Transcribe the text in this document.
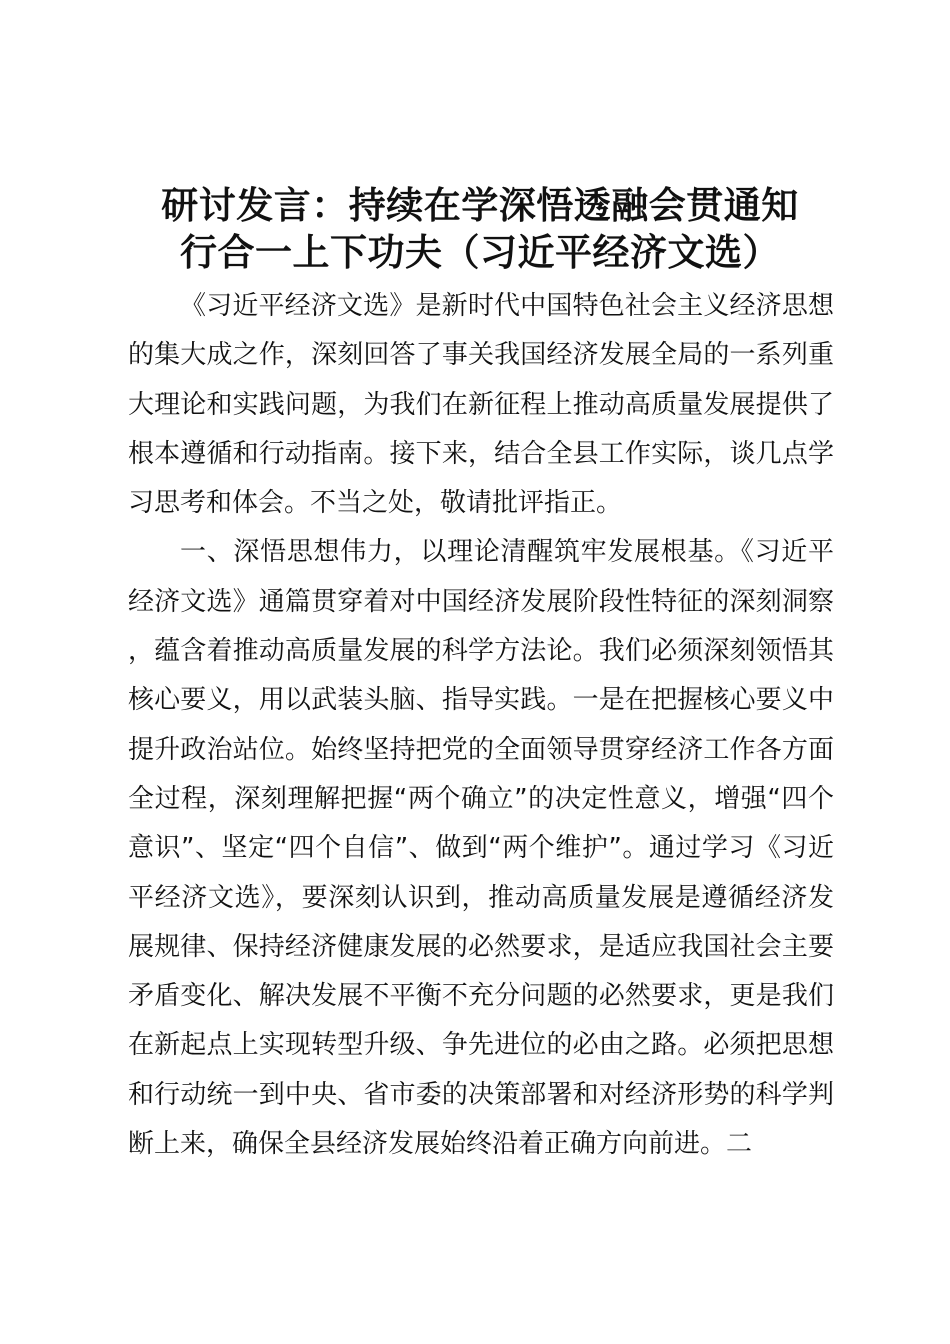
研讨发言：持续在学深悟透融会贯通知
行合一上下功夫（习近平经济文选）

《习近平经济文选》是新时代中国特色社会主义经济思想的集大成之作，深刻回答了事关我国经济发展全局的一系列重大理论和实践问题，为我们在新征程上推动高质量发展提供了根本遵循和行动指南。接下来，结合全县工作实际，谈几点学习思考和体会。不当之处，敬请批评指正。

一、深悟思想伟力，以理论清醒筑牢发展根基。《习近平经济文选》通篇贯穿着对中国经济发展阶段性特征的深刻洞察，蕴含着推动高质量发展的科学方法论。我们必须深刻领悟其核心要义，用以武装头脑、指导实践。一是在把握核心要义中提升政治站位。始终坚持把党的全面领导贯穿经济工作各方面全过程，深刻理解把握“两个确立”的决定性意义，增强“四个意识”、坚定“四个自信”、做到“两个维护”。通过学习《习近平经济文选》，要深刻认识到，推动高质量发展是遵循经济发展规律、保持经济健康发展的必然要求，是适应我国社会主要矛盾变化、解决发展不平衡不充分问题的必然要求，更是我们在新起点上实现转型升级、争先进位的必由之路。必须把思想和行动统一到中央、省市委的决策部署和对经济形势的科学判断上来，确保全县经济发展始终沿着正确方向前进。二
